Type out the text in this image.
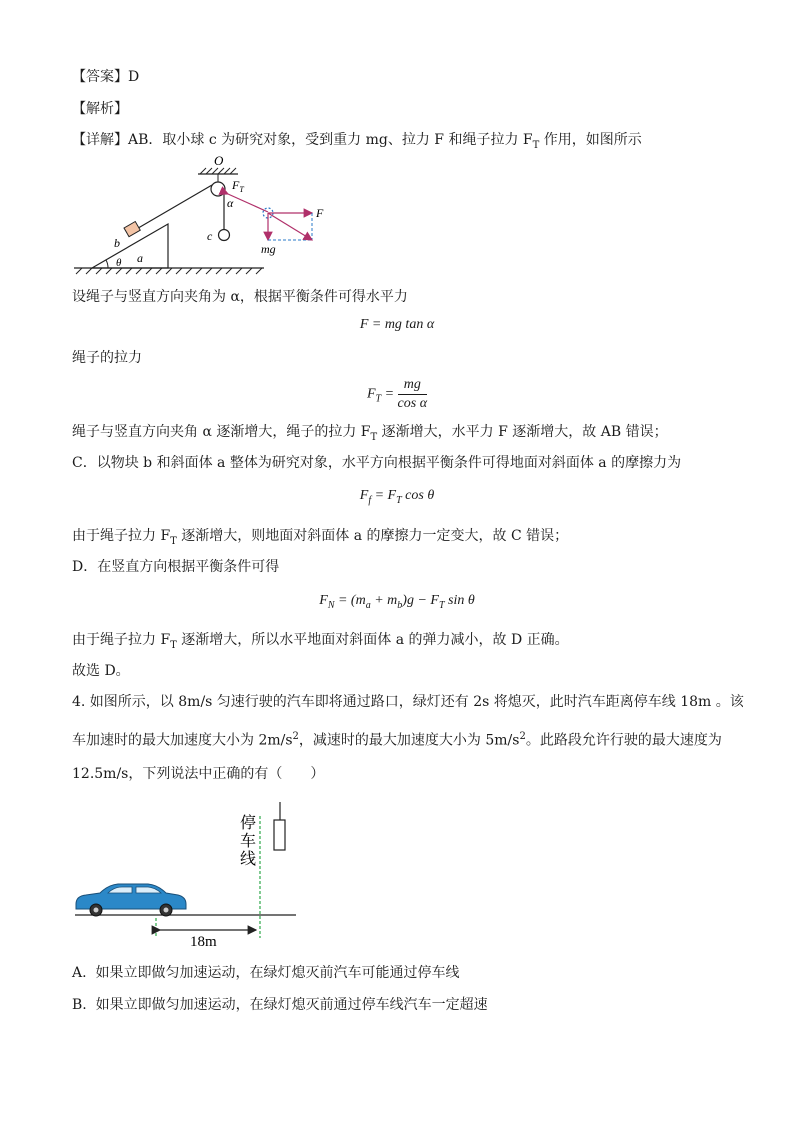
【答案】D
【解析】
【详解】AB．取小球 c 为研究对象，受到重力 mg、拉力 F 和绳子拉力 $F_T$ 作用，如图所示
O
c
α
b
θ a
$F_T$
F
mg
设绳子与竖直方向夹角为 α，根据平衡条件可得水平力
F = mg tan α
绳子的拉力
$F_T = \frac{mg}{\text{cos α}}$
绳子与竖直方向夹角 α 逐渐增大，绳子的拉力 $F_T$ 逐渐增大，水平力 F 逐渐增大，故 AB 错误；
C．以物块 b 和斜面体 a 整体为研究对象，水平方向根据平衡条件可得地面对斜面体 a 的摩擦力为
$F_f = F_T$ cos θ
由于绳子拉力 $F_T$ 逐渐增大，则地面对斜面体 a 的摩擦力一定变大，故 C 错误；
D．在竖直方向根据平衡条件可得
$F_N = (m_a + m_b)g - F_T$ sin θ
由于绳子拉力 $F_T$ 逐渐增大，所以水平地面对斜面体 a 的弹力减小，故 D 正确。
故选 D。
4. 如图所示，以 8m/s 匀速行驶的汽车即将通过路口，绿灯还有 2s 将熄灭，此时汽车距离停车线 18m 。该
车加速时的最大加速度大小为 $2m/s^2$，减速时的最大加速度大小为 $5m/s^2$。此路段允许行驶的最大速度为
12.5m/s，下列说法中正确的有（　　）
停
车
线
18m
A. 如果立即做匀加速运动，在绿灯熄灭前汽车可能通过停车线
B. 如果立即做匀加速运动，在绿灯熄灭前通过停车线汽车一定超速
